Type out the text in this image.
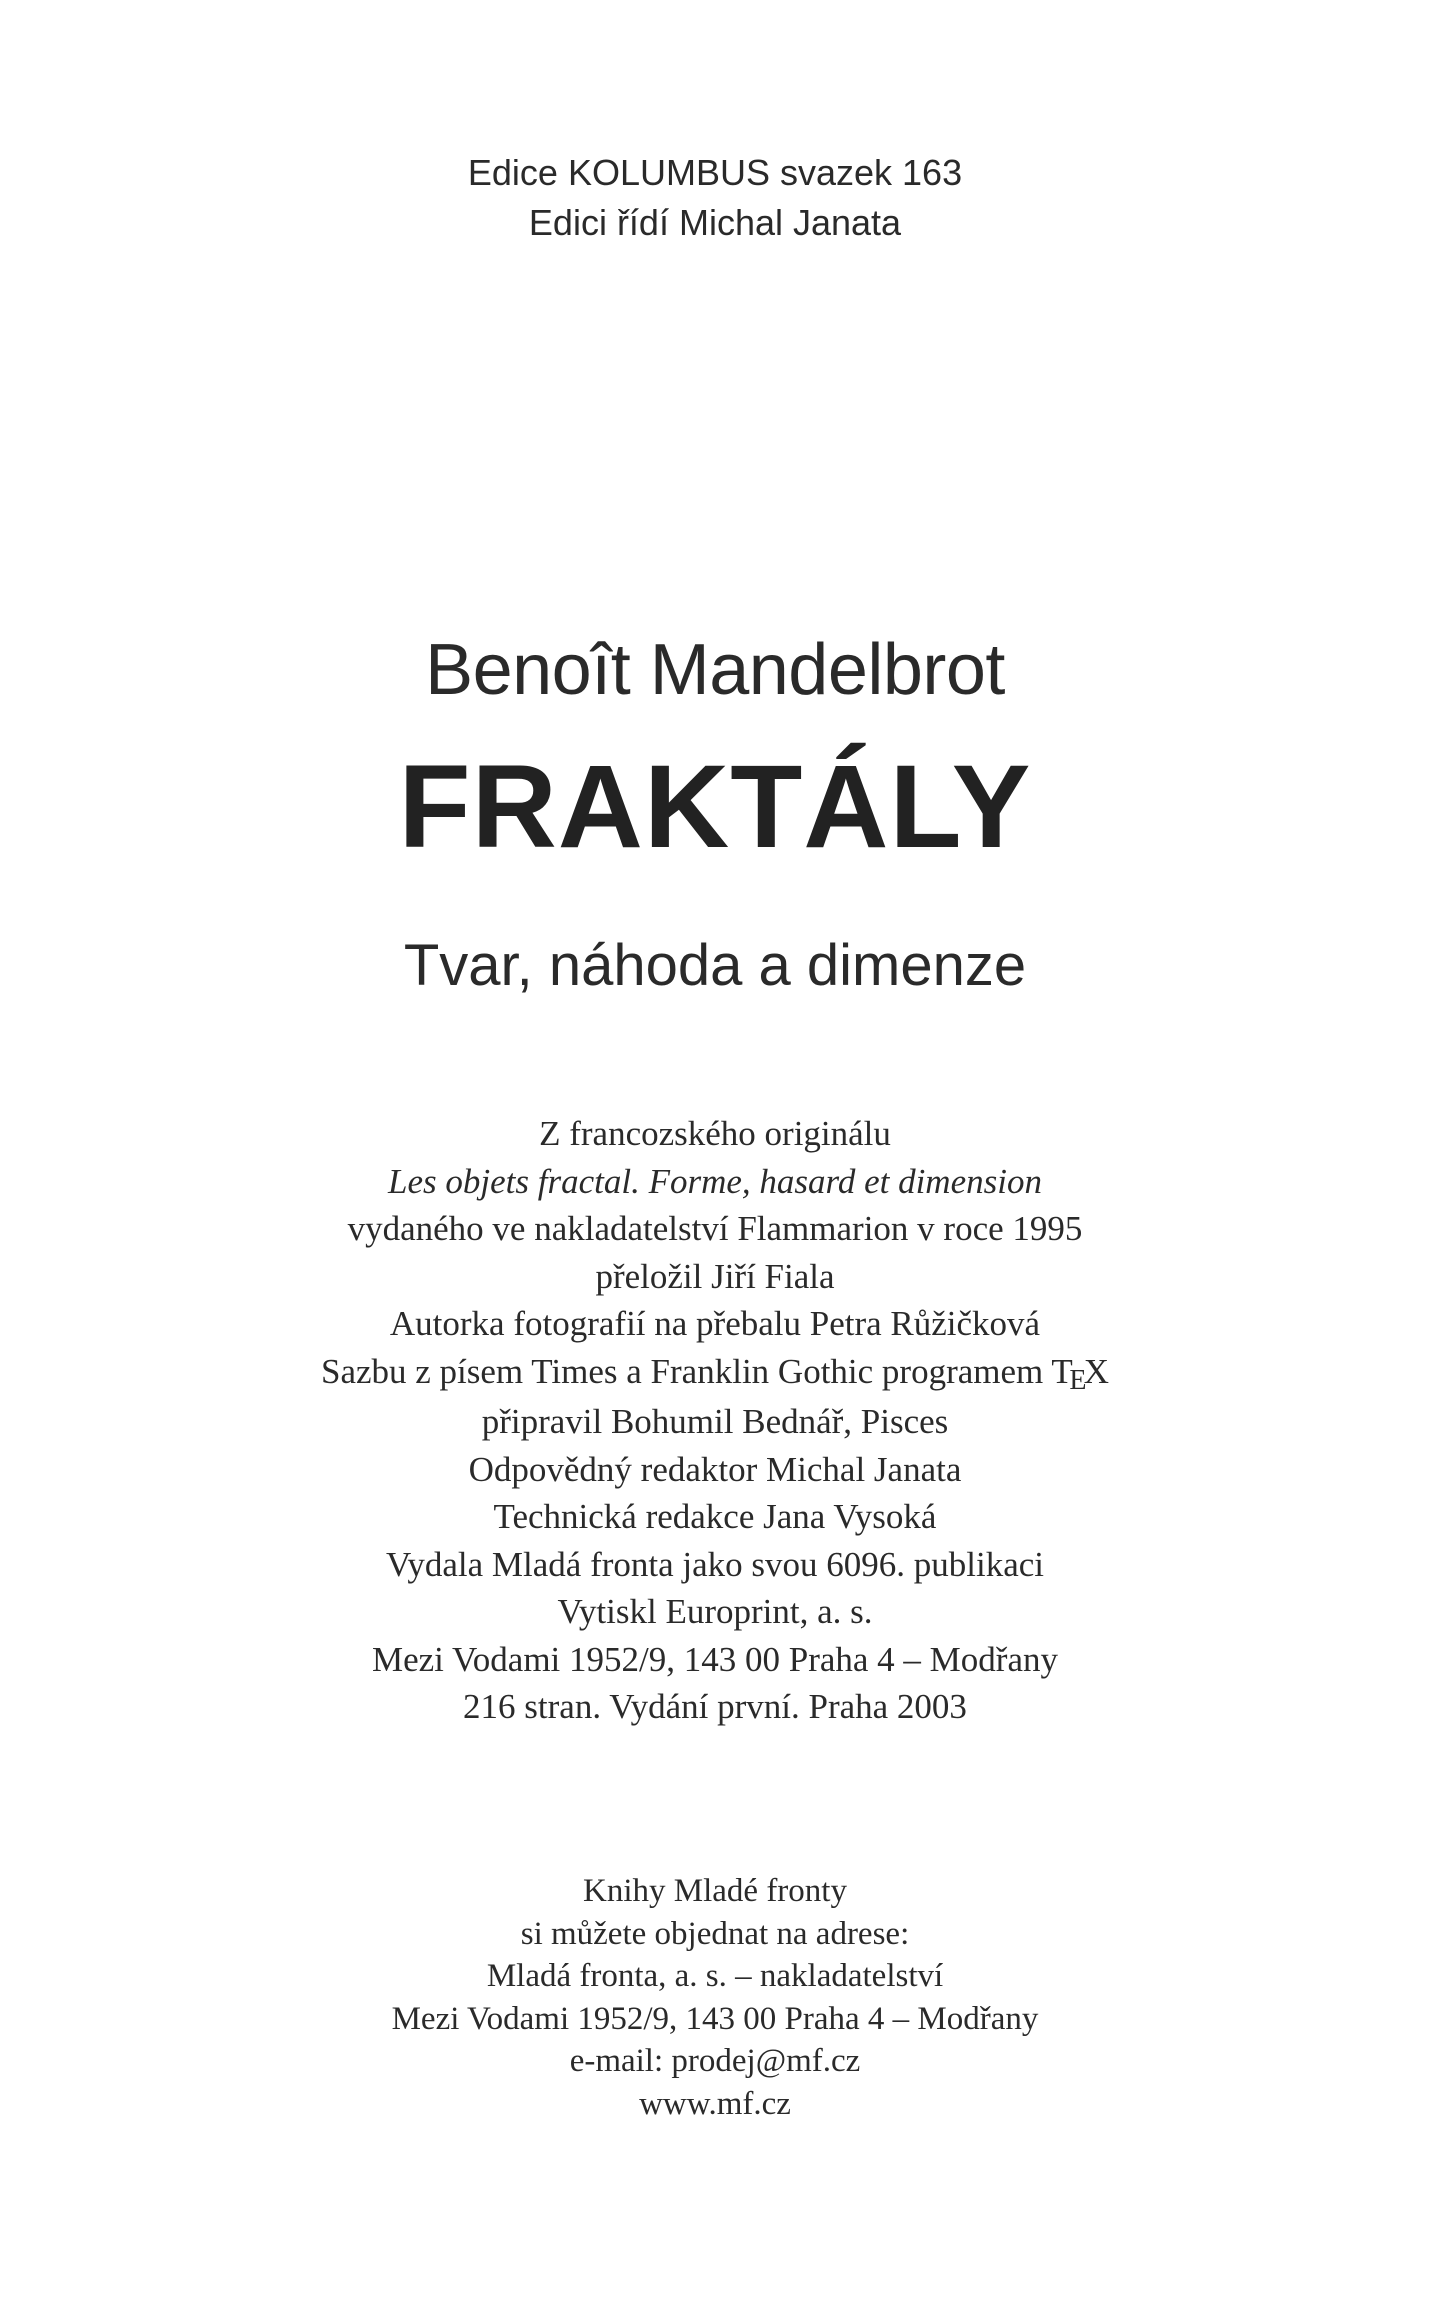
Edice KOLUMBUS svazek 163
Edici řídí Michal Janata
Benoît Mandelbrot
FRAKTÁLY
Tvar, náhoda a dimenze
Z francozského originálu
Les objets fractal. Forme, hasard et dimension
vydaného ve nakladatelství Flammarion v roce 1995
přeložil Jiří Fiala
Autorka fotografií na přebalu Petra Růžičková
Sazbu z písem Times a Franklin Gothic programem TEX
připravil Bohumil Bednář, Pisces
Odpovědný redaktor Michal Janata
Technická redakce Jana Vysoká
Vydala Mladá fronta jako svou 6096. publikaci
Vytiskl Europrint, a. s.
Mezi Vodami 1952/9, 143 00 Praha 4 – Modřany
216 stran. Vydání první. Praha 2003
Knihy Mladé fronty
si můžete objednat na adrese:
Mladá fronta, a. s. – nakladatelství
Mezi Vodami 1952/9, 143 00 Praha 4 – Modřany
e-mail: prodej@mf.cz
www.mf.cz
